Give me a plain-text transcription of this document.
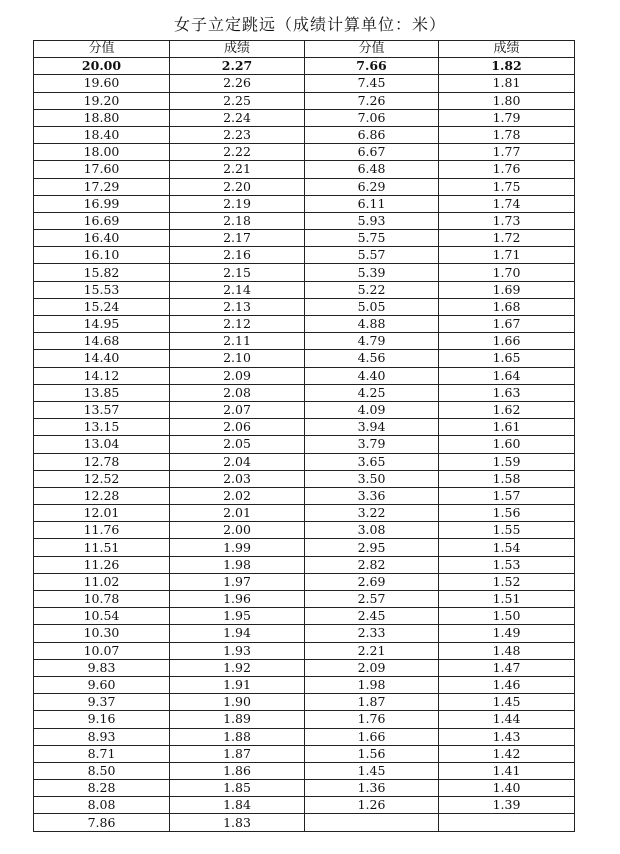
女子立定跳远（成绩计算单位：米）
分值	成绩	分值	成绩
20.00	2.27	7.66	1.82
19.60	2.26	7.45	1.81
19.20	2.25	7.26	1.80
18.80	2.24	7.06	1.79
18.40	2.23	6.86	1.78
18.00	2.22	6.67	1.77
17.60	2.21	6.48	1.76
17.29	2.20	6.29	1.75
16.99	2.19	6.11	1.74
16.69	2.18	5.93	1.73
16.40	2.17	5.75	1.72
16.10	2.16	5.57	1.71
15.82	2.15	5.39	1.70
15.53	2.14	5.22	1.69
15.24	2.13	5.05	1.68
14.95	2.12	4.88	1.67
14.68	2.11	4.79	1.66
14.40	2.10	4.56	1.65
14.12	2.09	4.40	1.64
13.85	2.08	4.25	1.63
13.57	2.07	4.09	1.62
13.15	2.06	3.94	1.61
13.04	2.05	3.79	1.60
12.78	2.04	3.65	1.59
12.52	2.03	3.50	1.58
12.28	2.02	3.36	1.57
12.01	2.01	3.22	1.56
11.76	2.00	3.08	1.55
11.51	1.99	2.95	1.54
11.26	1.98	2.82	1.53
11.02	1.97	2.69	1.52
10.78	1.96	2.57	1.51
10.54	1.95	2.45	1.50
10.30	1.94	2.33	1.49
10.07	1.93	2.21	1.48
9.83	1.92	2.09	1.47
9.60	1.91	1.98	1.46
9.37	1.90	1.87	1.45
9.16	1.89	1.76	1.44
8.93	1.88	1.66	1.43
8.71	1.87	1.56	1.42
8.50	1.86	1.45	1.41
8.28	1.85	1.36	1.40
8.08	1.84	1.26	1.39
7.86	1.83		
